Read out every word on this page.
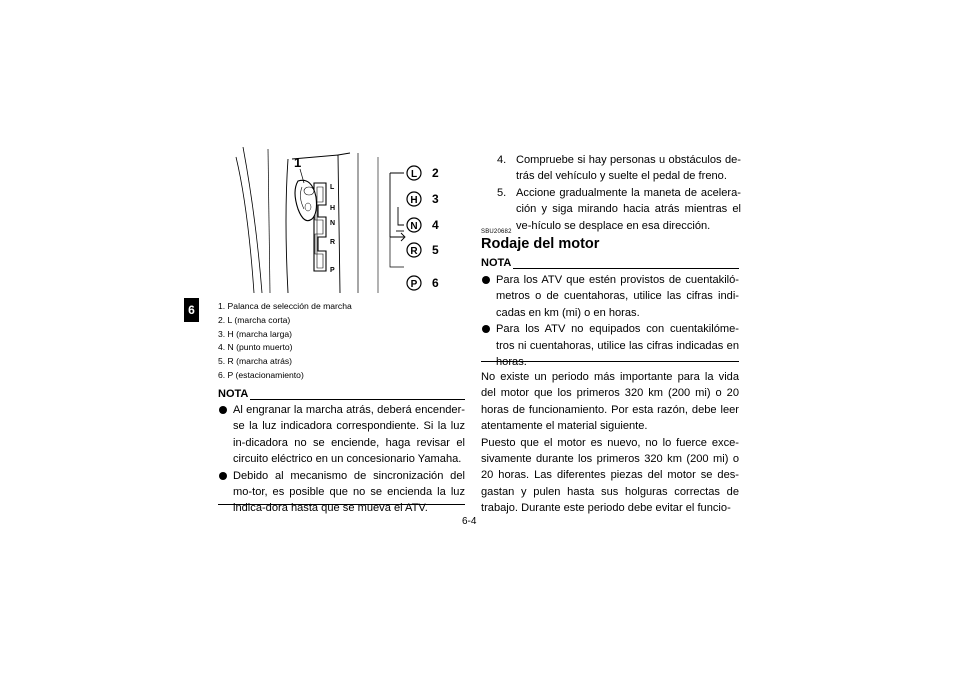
6
L
H
N
R
P
1
L
H
N
R
P
2
3
4
5
6
1. Palanca de selección de marcha
2. L (marcha corta)
3. H (marcha larga)
4. N (punto muerto)
5. R (marcha atrás)
6. P (estacionamiento)
NOTA
Al engranar la marcha atrás, deberá encender-se la luz indicadora correspondiente. Si la luz in-dicadora no se enciende, haga revisar el circuito eléctrico en un concesionario Yamaha.
Debido al mecanismo de sincronización del mo-tor, es posible que no se encienda la luz indica-dora hasta que se mueva el ATV.
4. Compruebe si hay personas u obstáculos de-trás del vehículo y suelte el pedal de freno.
5. Accione gradualmente la maneta de acelera-ción y siga mirando hacia atrás mientras el ve-hículo se desplace en esa dirección.
SBU20682
Rodaje del motor
NOTA
Para los ATV que estén provistos de cuentakiló-metros o de cuentahoras, utilice las cifras indi-cadas en km (mi) o en horas.
Para los ATV no equipados con cuentakilóme-tros ni cuentahoras, utilice las cifras indicadas en horas.

No existe un periodo más importante para la vida del motor que los primeros 320 km (200 mi) o 20 horas de funcionamiento. Por esta razón, debe leer atentamente el material siguiente.

Puesto que el motor es nuevo, no lo fuerce exce-sivamente durante los primeros 320 km (200 mi) o 20 horas. Las diferentes piezas del motor se des-gastan y pulen hasta sus holguras correctas de trabajo. Durante este periodo debe evitar el funcio-

6-4
